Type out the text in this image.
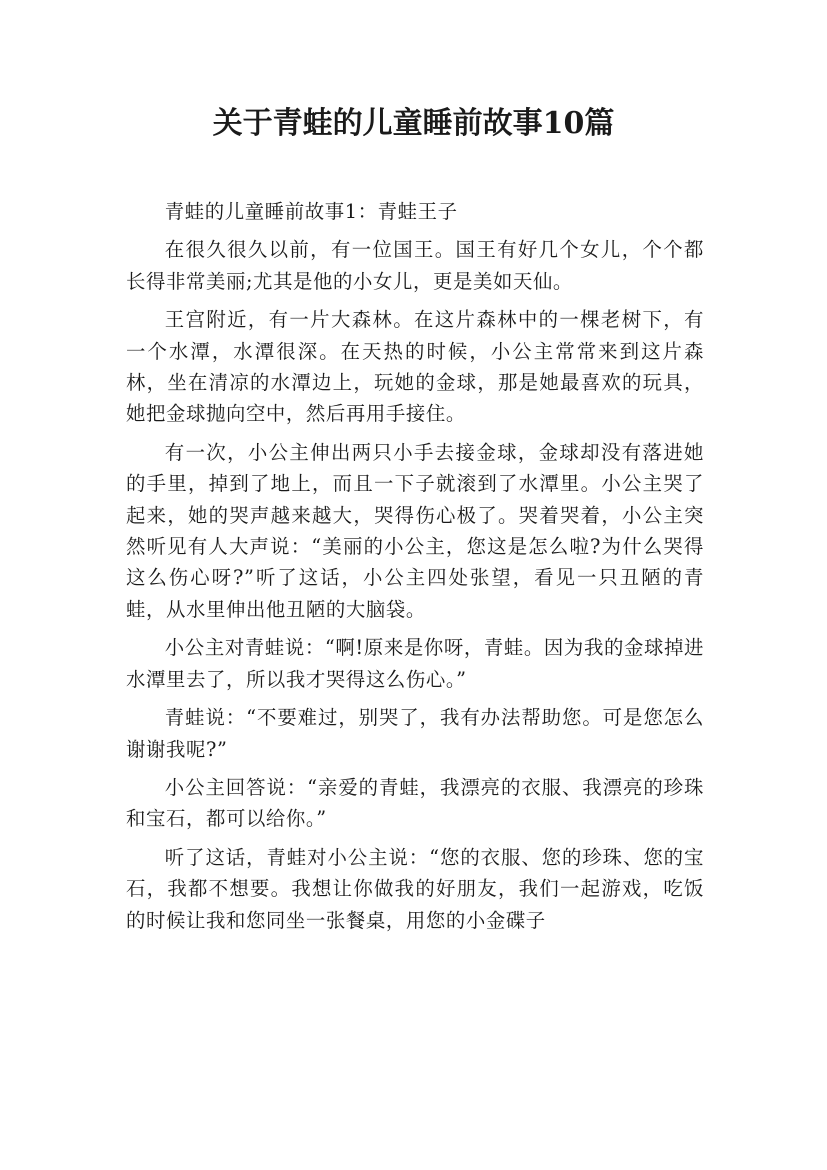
关于青蛙的儿童睡前故事10篇

青蛙的儿童睡前故事1：青蛙王子

在很久很久以前，有一位国王。国王有好几个女儿，个个都长得非常美丽;尤其是他的小女儿，更是美如天仙。

王宫附近，有一片大森林。在这片森林中的一棵老树下，有一个水潭，水潭很深。在天热的时候，小公主常常来到这片森林，坐在清凉的水潭边上，玩她的金球，那是她最喜欢的玩具，她把金球抛向空中，然后再用手接住。

有一次，小公主伸出两只小手去接金球，金球却没有落进她的手里，掉到了地上，而且一下子就滚到了水潭里。小公主哭了起来，她的哭声越来越大，哭得伤心极了。哭着哭着，小公主突然听见有人大声说：“美丽的小公主，您这是怎么啦?为什么哭得这么伤心呀?”听了这话，小公主四处张望，看见一只丑陋的青蛙，从水里伸出他丑陋的大脑袋。

小公主对青蛙说：“啊!原来是你呀，青蛙。因为我的金球掉进水潭里去了，所以我才哭得这么伤心。”

青蛙说：“不要难过，别哭了，我有办法帮助您。可是您怎么谢谢我呢?”

小公主回答说：“亲爱的青蛙，我漂亮的衣服、我漂亮的珍珠和宝石，都可以给你。”

听了这话，青蛙对小公主说：“您的衣服、您的珍珠、您的宝石，我都不想要。我想让你做我的好朋友，我们一起游戏，吃饭的时候让我和您同坐一张餐桌，用您的小金碟子
